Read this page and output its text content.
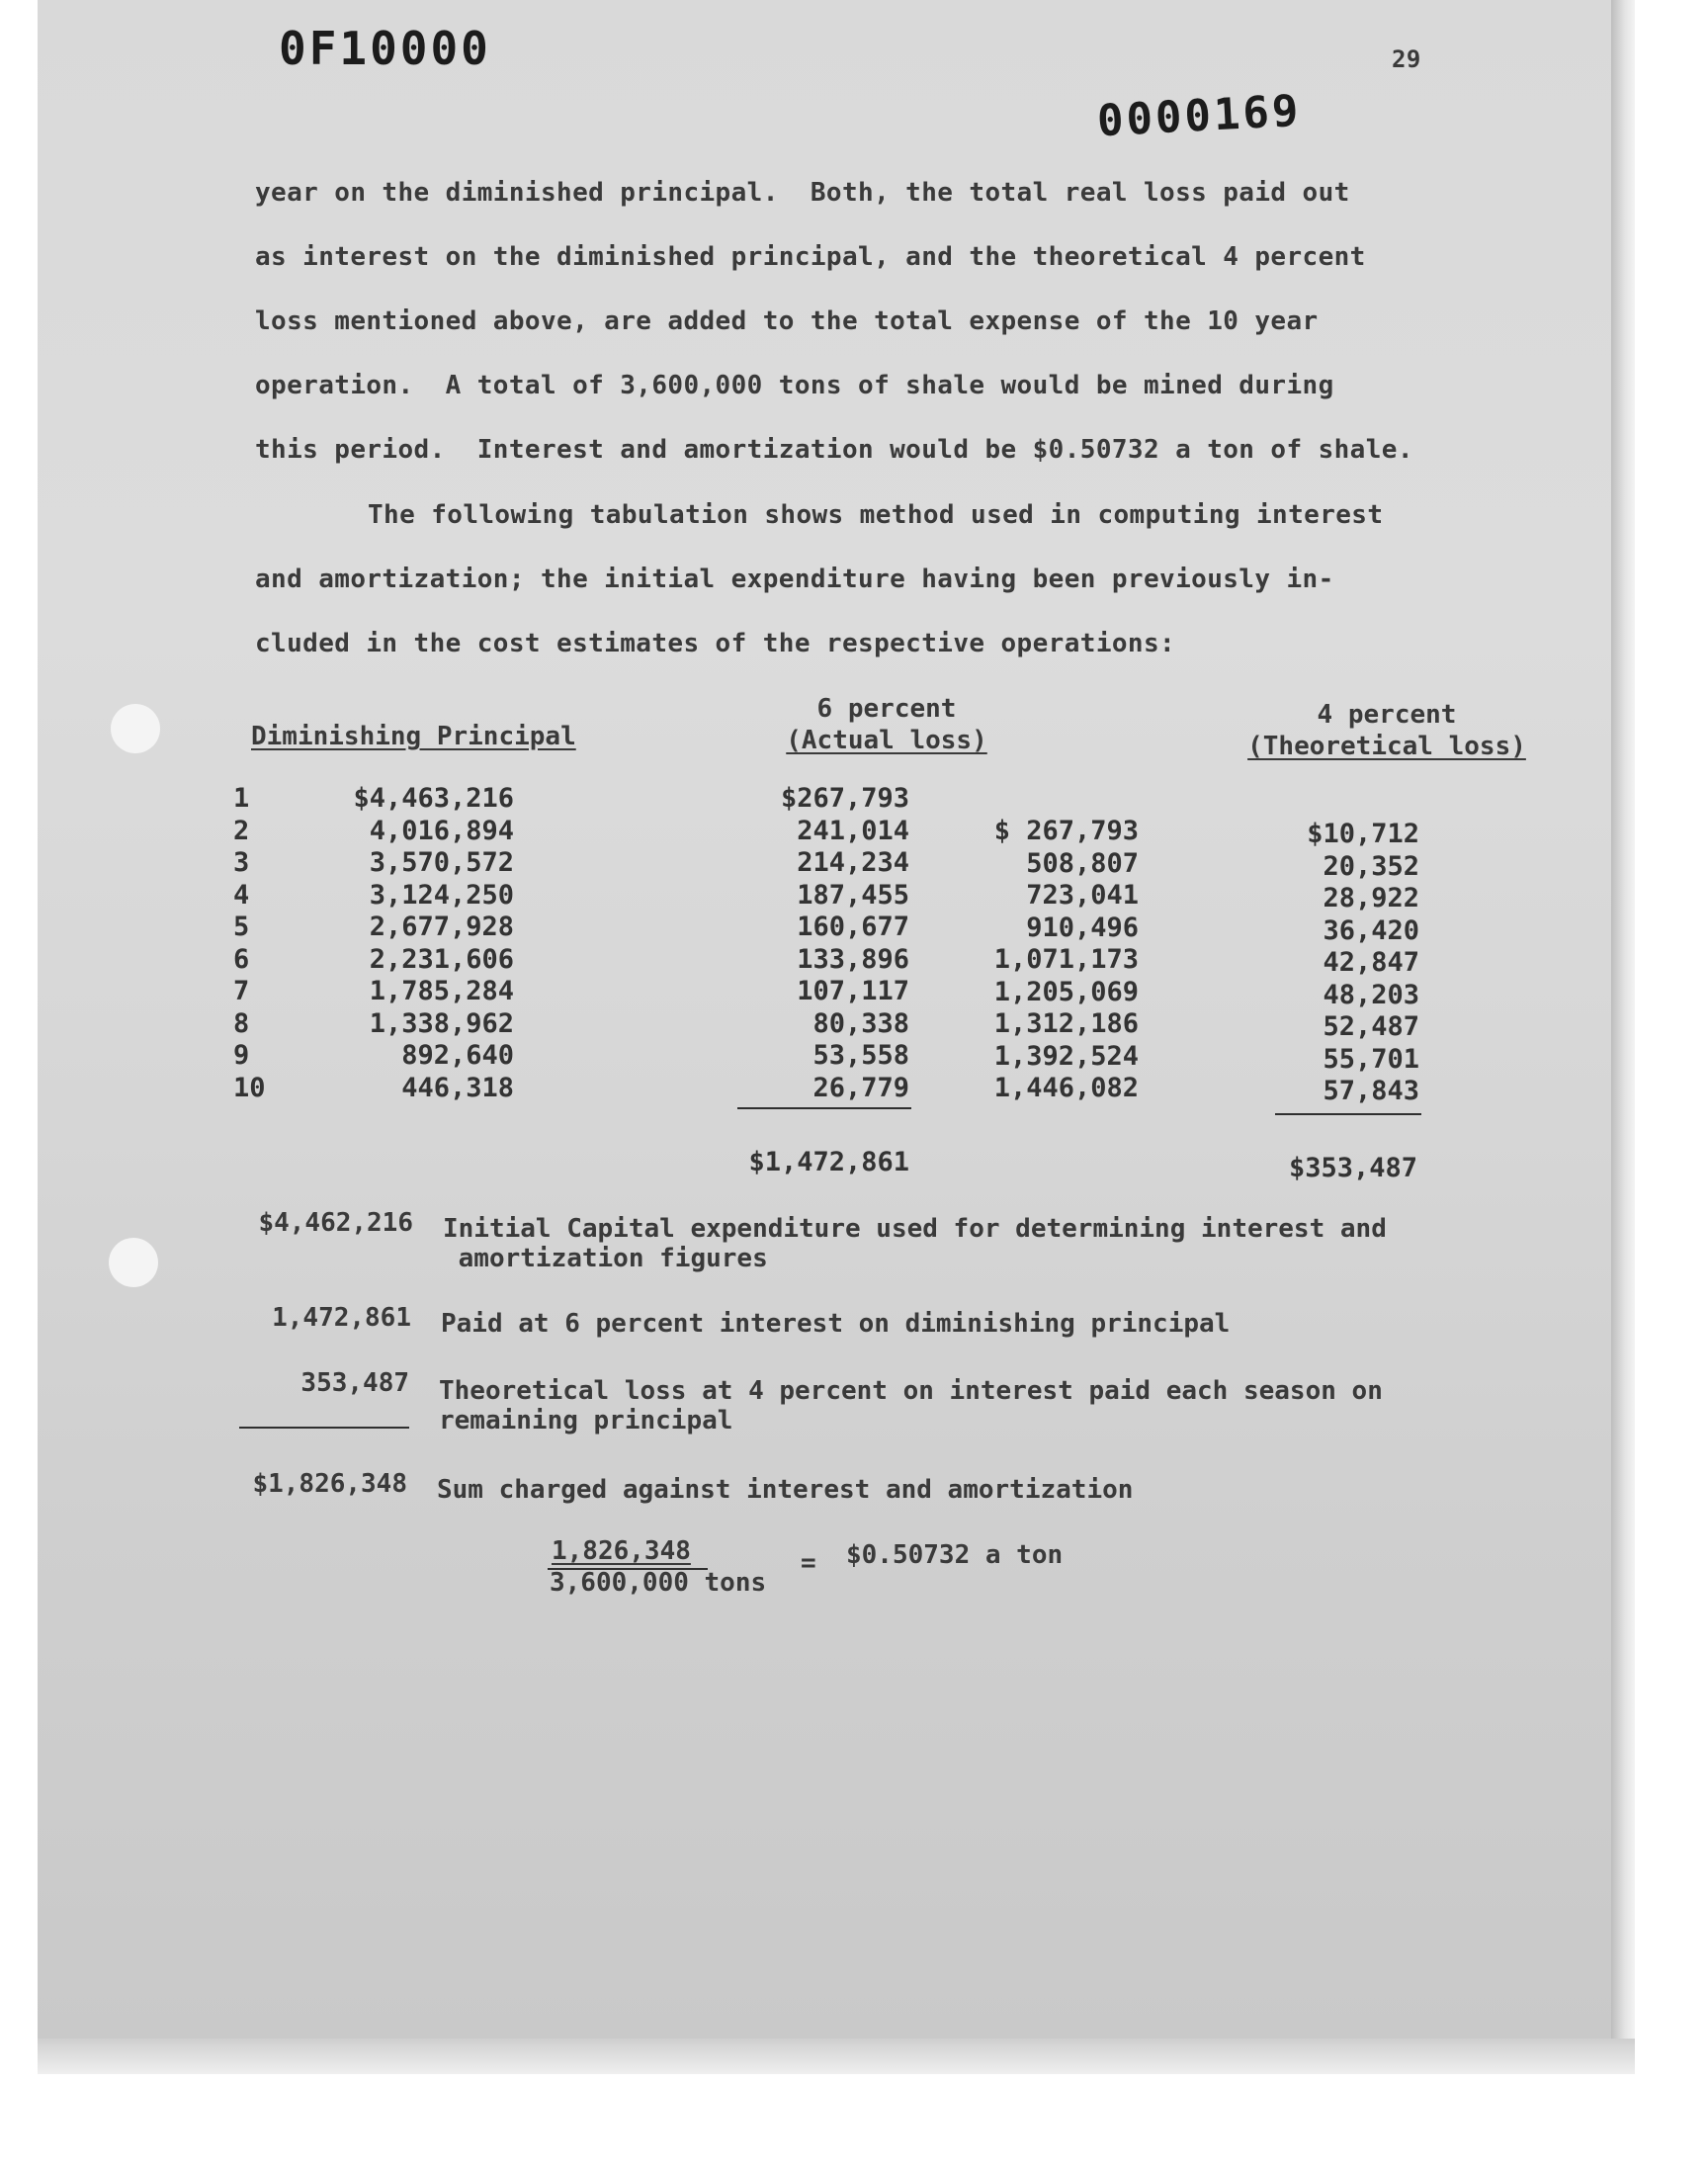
0F10000	29
0000169
year on the diminished principal.  Both, the total real loss paid out
as interest on the diminished principal, and the theoretical 4 percent
loss mentioned above, are added to the total expense of the 10 year
operation.  A total of 3,600,000 tons of shale would be mined during
this period.  Interest and amortization would be $0.50732 a ton of shale.
The following tabulation shows method used in computing interest
and amortization; the initial expenditure having been previously in-
cluded in the cost estimates of the respective operations:
Diminishing Principal
6 percent
(Actual loss)
4 percent
(Theoretical loss)
1
2
3
4
5
6
7
8
9
10
$4,463,216
4,016,894
3,570,572
3,124,250
2,677,928
2,231,606
1,785,284
1,338,962
892,640
446,318
$267,793
241,014
214,234
187,455
160,677
133,896
107,117
80,338
53,558
26,779
$ 267,793
508,807
723,041
910,496
1,071,173
1,205,069
1,312,186
1,392,524
1,446,082
$10,712
20,352
28,922
36,420
42,847
48,203
52,487
55,701
57,843
$1,472,861	$353,487
$4,462,216 Initial Capital expenditure used for determining interest and
amortization figures
1,472,861 Paid at 6 percent interest on diminishing principal
353,487 Theoretical loss at 4 percent on interest paid each season on
remaining principal
$1,826,348 Sum charged against interest and amortization
1,826,348
3,600,000 tons
= $0.50732 a ton
